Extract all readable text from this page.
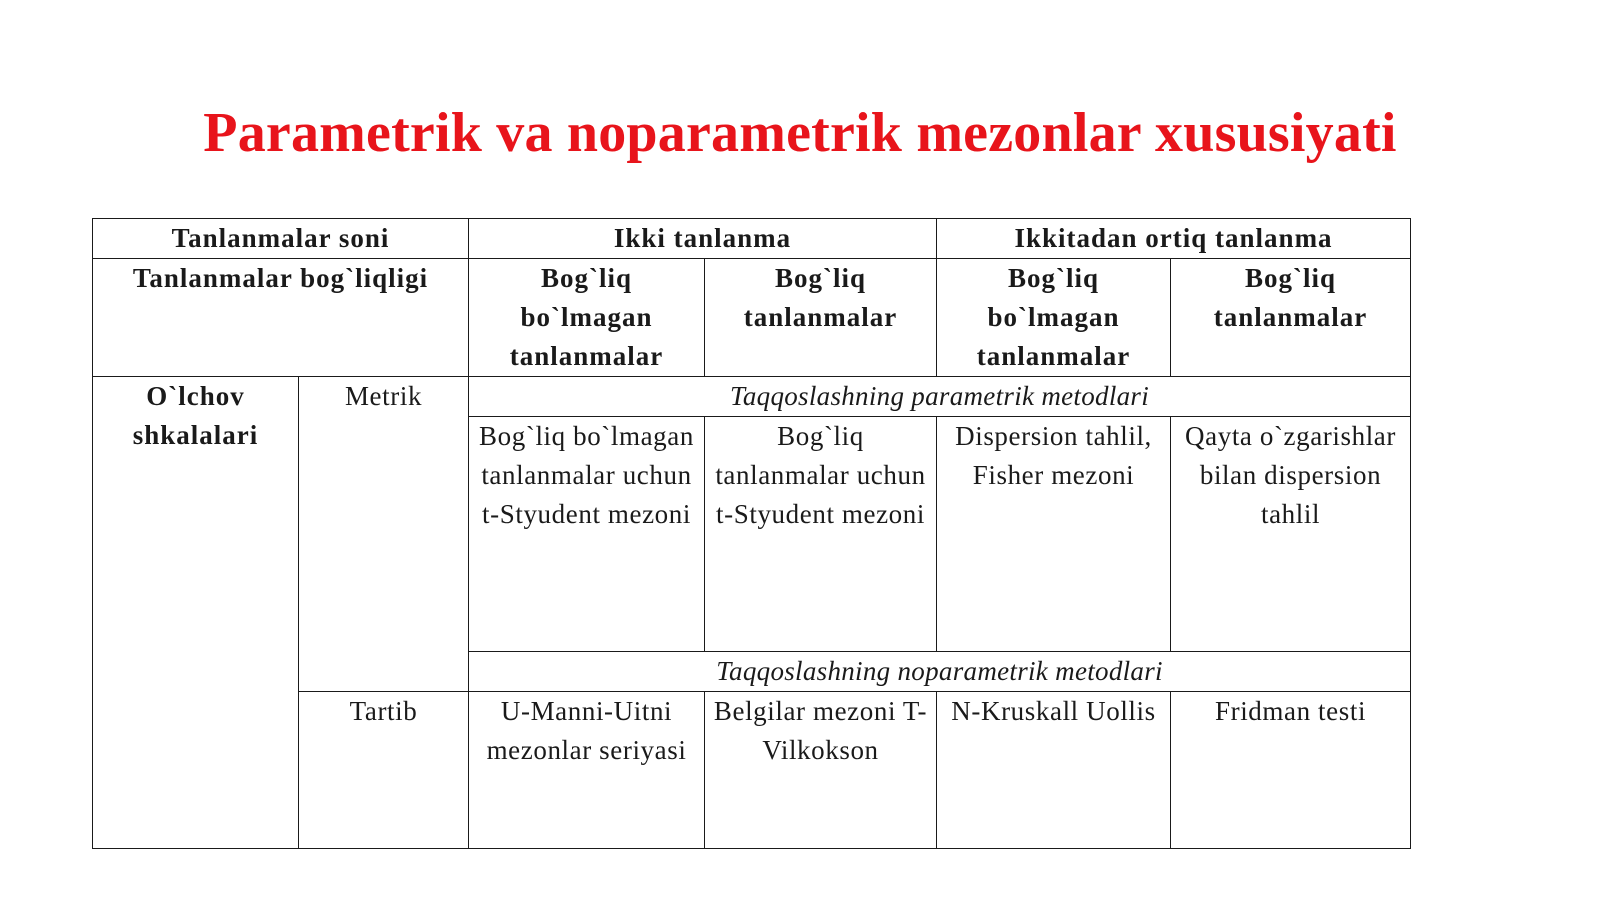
Parametrik va noparametrik mezonlar xususiyati
Tanlanmalar soni		Ikki tanlanma		Ikkitadan ortiq tanlanma	
Tanlanmalar bog`liqligi		Bog`liq bo`lmagan tanlanmalar	Bog`liq tanlanmalar	Bog`liq bo`lmagan tanlanmalar	Bog`liq tanlanmalar
O`lchov shkalalari	Metrik	Taqqoslashning parametrik metodlari			
		Bog`liq bo`lmagan tanlanmalar uchun t-Styudent mezoni	Bog`liq tanlanmalar uchun t-Styudent mezoni	Dispersion tahlil, Fisher mezoni	Qayta o`zgarishlar bilan dispersion tahlil
		Taqqoslashning noparametrik metodlari			
	Tartib	U-Manni-Uitni mezonlar seriyasi	Belgilar mezoni T-Vilkokson	N-Kruskall Uollis	Fridman testi
